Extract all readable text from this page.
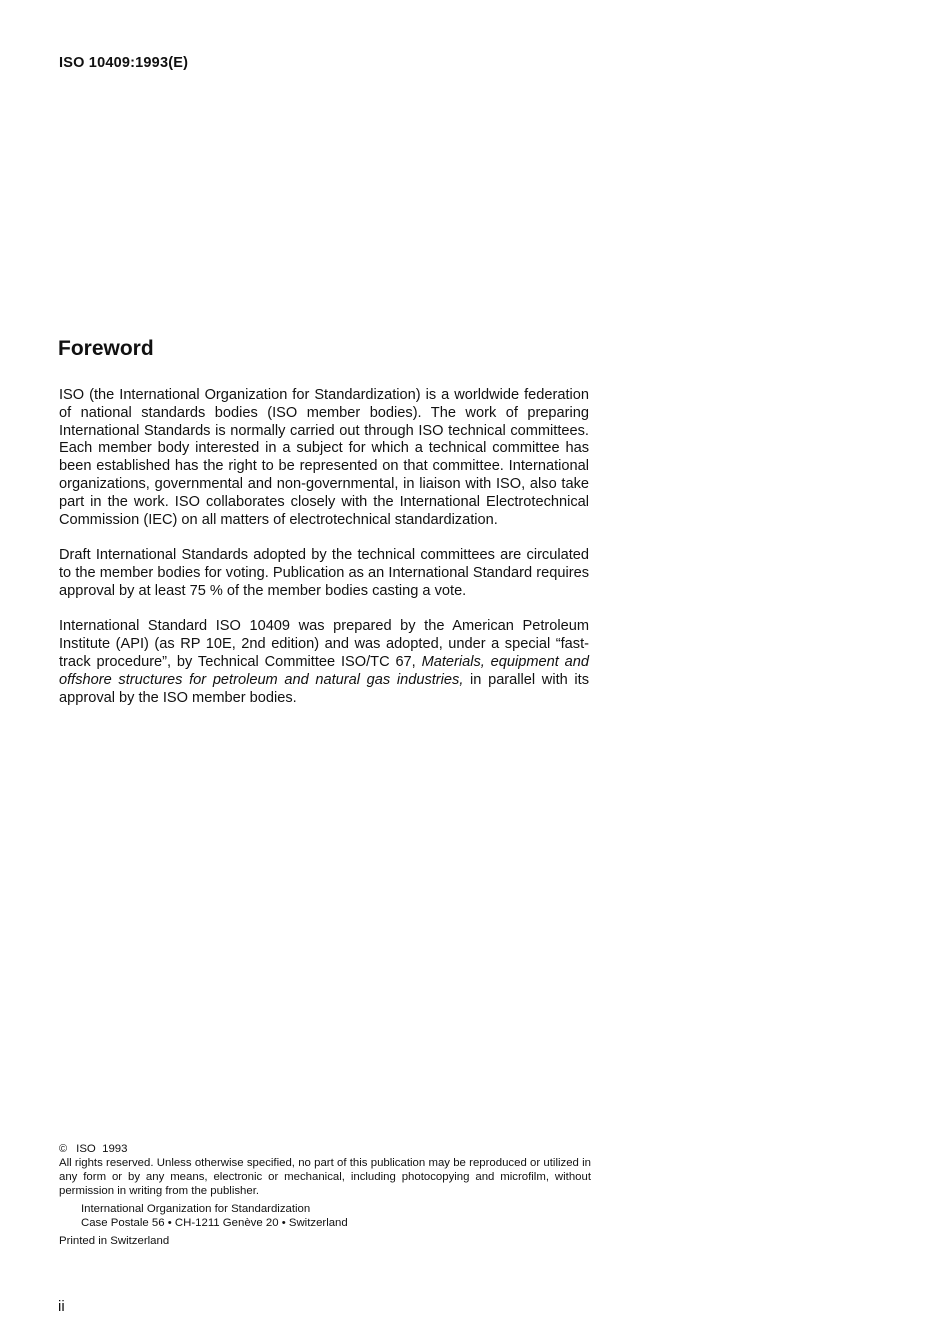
ISO 10409:1993(E)
Foreword

ISO (the International Organization for Standardization) is a worldwide federation of national standards bodies (ISO member bodies). The work of preparing International Standards is normally carried out through ISO technical committees. Each member body interested in a subject for which a technical committee has been established has the right to be represented on that committee. International organizations, governmental and non-governmental, in liaison with ISO, also take part in the work. ISO collaborates closely with the International Electrotechnical Commission (IEC) on all matters of electrotechnical standardization.

Draft International Standards adopted by the technical committees are circulated to the member bodies for voting. Publication as an International Standard requires approval by at least 75 % of the member bodies casting a vote.

International Standard ISO 10409 was prepared by the American Petroleum Institute (API) (as RP 10E, 2nd edition) and was adopted, under a special “fast-track procedure”, by Technical Committee ISO/TC 67, Materials, equipment and offshore structures for petroleum and natural gas industries, in parallel with its approval by the ISO member bodies.

© ISO  1993
All rights reserved. Unless otherwise specified, no part of this publication may be reproduced or utilized in any form or by any means, electronic or mechanical, including photocopying and microfilm, without permission in writing from the publisher.
International Organization for Standardization
Case Postale 56 • CH-1211 Genève 20 • Switzerland
Printed in Switzerland
ii
